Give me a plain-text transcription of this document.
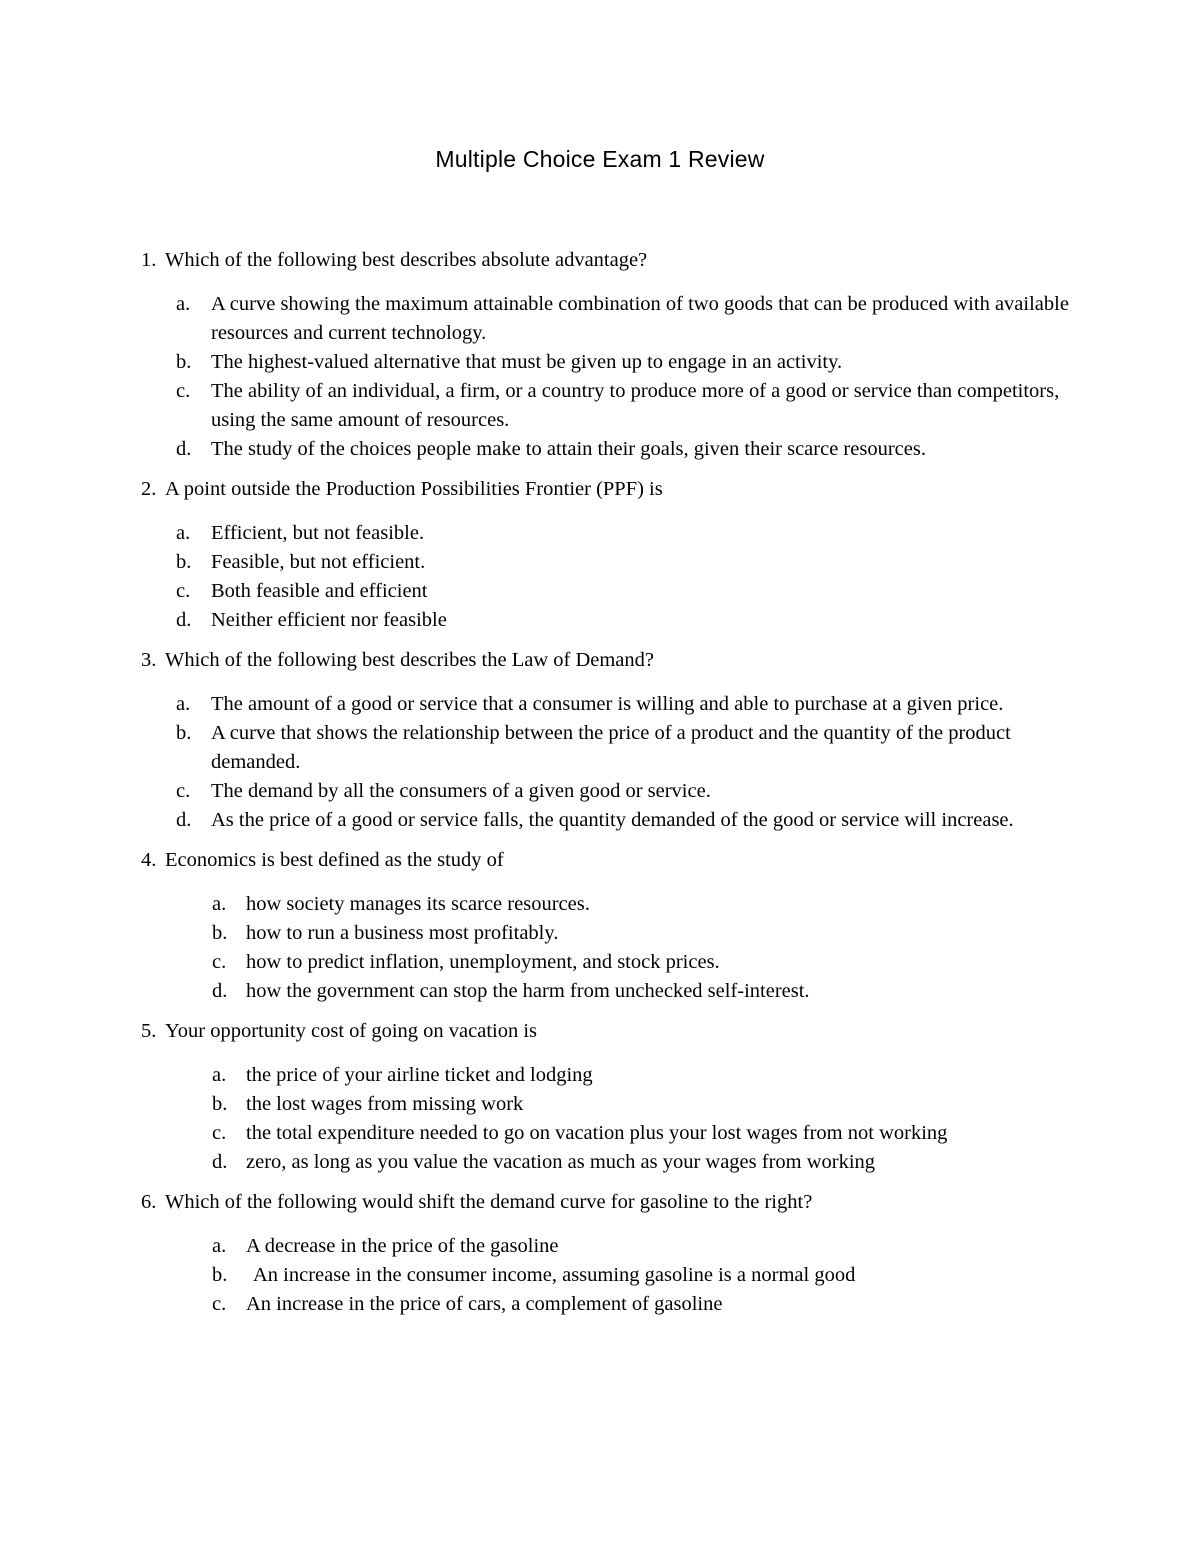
Multiple Choice Exam 1 Review
1. Which of the following best describes absolute advantage?
a. A curve showing the maximum attainable combination of two goods that can be produced with available resources and current technology.
b. The highest-valued alternative that must be given up to engage in an activity.
c. The ability of an individual, a firm, or a country to produce more of a good or service than competitors, using the same amount of resources.
d. The study of the choices people make to attain their goals, given their scarce resources.
2. A point outside the Production Possibilities Frontier (PPF) is
a. Efficient, but not feasible.
b. Feasible, but not efficient.
c. Both feasible and efficient
d. Neither efficient nor feasible
3. Which of the following best describes the Law of Demand?
a. The amount of a good or service that a consumer is willing and able to purchase at a given price.
b. A curve that shows the relationship between the price of a product and the quantity of the product demanded.
c. The demand by all the consumers of a given good or service.
d. As the price of a good or service falls, the quantity demanded of the good or service will increase.
4. Economics is best defined as the study of
a. how society manages its scarce resources.
b. how to run a business most profitably.
c. how to predict inflation, unemployment, and stock prices.
d. how the government can stop the harm from unchecked self-interest.
5. Your opportunity cost of going on vacation is
a. the price of your airline ticket and lodging
b. the lost wages from missing work
c. the total expenditure needed to go on vacation plus your lost wages from not working
d. zero, as long as you value the vacation as much as your wages from working
6. Which of the following would shift the demand curve for gasoline to the right?
a. A decrease in the price of the gasoline
b. An increase in the consumer income, assuming gasoline is a normal good
c. An increase in the price of cars, a complement of gasoline
